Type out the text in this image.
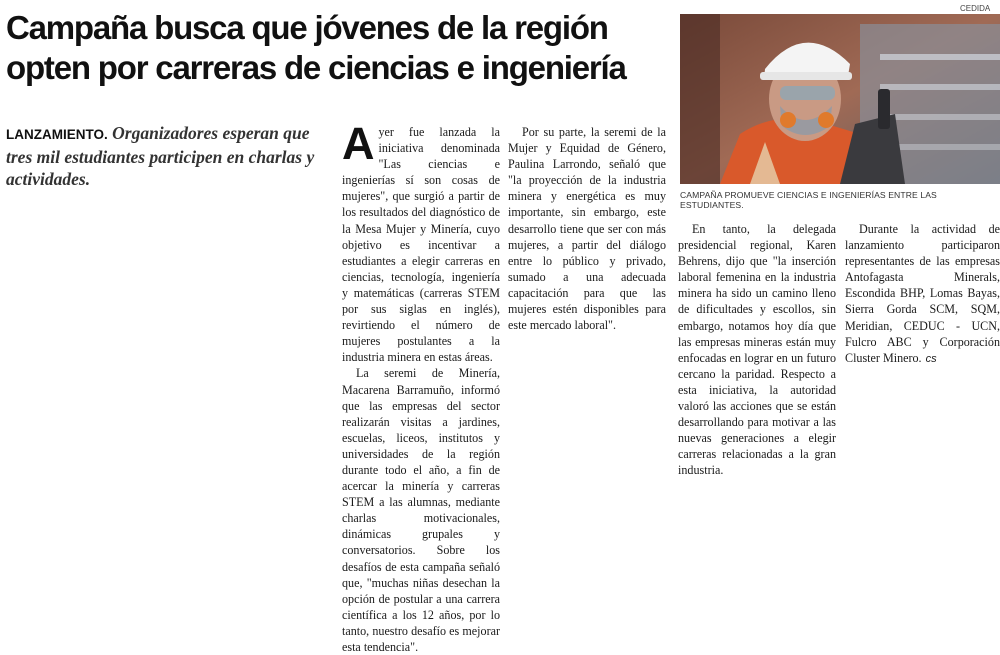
CEDIDA
Campaña busca que jóvenes de la región
opten por carreras de ciencias e ingeniería
LANZAMIENTO. Organizadores esperan que tres mil estudiantes participen en charlas y actividades.
CAMPAÑA PROMUEVE CIENCIAS E INGENIERÍAS ENTRE LAS ESTUDIANTES.

Ayer fue lanzada la iniciativa denominada "Las ciencias e ingenierías sí son cosas de mujeres", que surgió a partir de los resultados del diagnóstico de la Mesa Mujer y Minería, cuyo objetivo es incentivar a estudiantes a elegir carreras en ciencias, tecnología, ingeniería y matemáticas (carreras STEM por sus siglas en inglés), revirtiendo el número de mujeres postulantes a la industria minera en estas áreas.

La seremi de Minería, Macarena Barramuño, informó que las empresas del sector realizarán visitas a jardines, escuelas, liceos, institutos y universidades de la región durante todo el año, a fin de acercar la minería y carreras STEM a las alumnas, mediante charlas motivacionales, dinámicas grupales y conversatorios. Sobre los desafíos de esta campaña señaló que, "muchas niñas desechan la opción de postular a una carrera científica a los 12 años, por lo tanto, nuestro desafío es mejorar esta tendencia".

Por su parte, la seremi de la Mujer y Equidad de Género, Paulina Larrondo, señaló que "la proyección de la industria minera y energética es muy importante, sin embargo, este desarrollo tiene que ser con más mujeres, a partir del diálogo entre lo público y privado, sumado a una adecuada capacitación para que las mujeres estén disponibles para este mercado laboral".

En tanto, la delegada presidencial regional, Karen Behrens, dijo que "la inserción laboral femenina en la industria minera ha sido un camino lleno de dificultades y escollos, sin embargo, notamos hoy día que las empresas mineras están muy enfocadas en lograr en un futuro cercano la paridad. Respecto a esta iniciativa, la autoridad valoró las acciones que se están desarrollando para motivar a las nuevas generaciones a elegir carreras relacionadas a la gran industria.

Durante la actividad de lanzamiento participaron representantes de las empresas Antofagasta Minerals, Escondida BHP, Lomas Bayas, Sierra Gorda SCM, SQM, Meridian, CEDUC - UCN, Fulcro ABC y Corporación Cluster Minero. cs
